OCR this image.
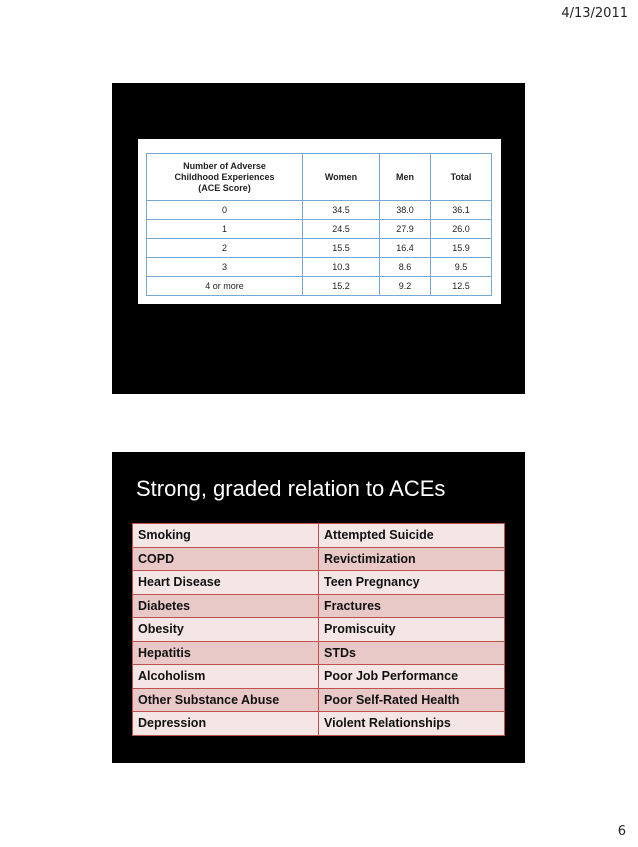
4/13/2011
Number of Adverse
Childhood Experiences
(ACE Score)	Women	Men	Total
0	34.5	38.0	36.1
1	24.5	27.9	26.0
2	15.5	16.4	15.9
3	10.3	8.6	9.5
4 or more	15.2	9.2	12.5
Strong, graded relation to ACEs
Smoking	Attempted Suicide
COPD	Revictimization
Heart Disease	Teen Pregnancy
Diabetes	Fractures
Obesity	Promiscuity
Hepatitis	STDs
Alcoholism	Poor Job Performance
Other Substance Abuse	Poor Self-Rated Health
Depression	Violent Relationships
6
